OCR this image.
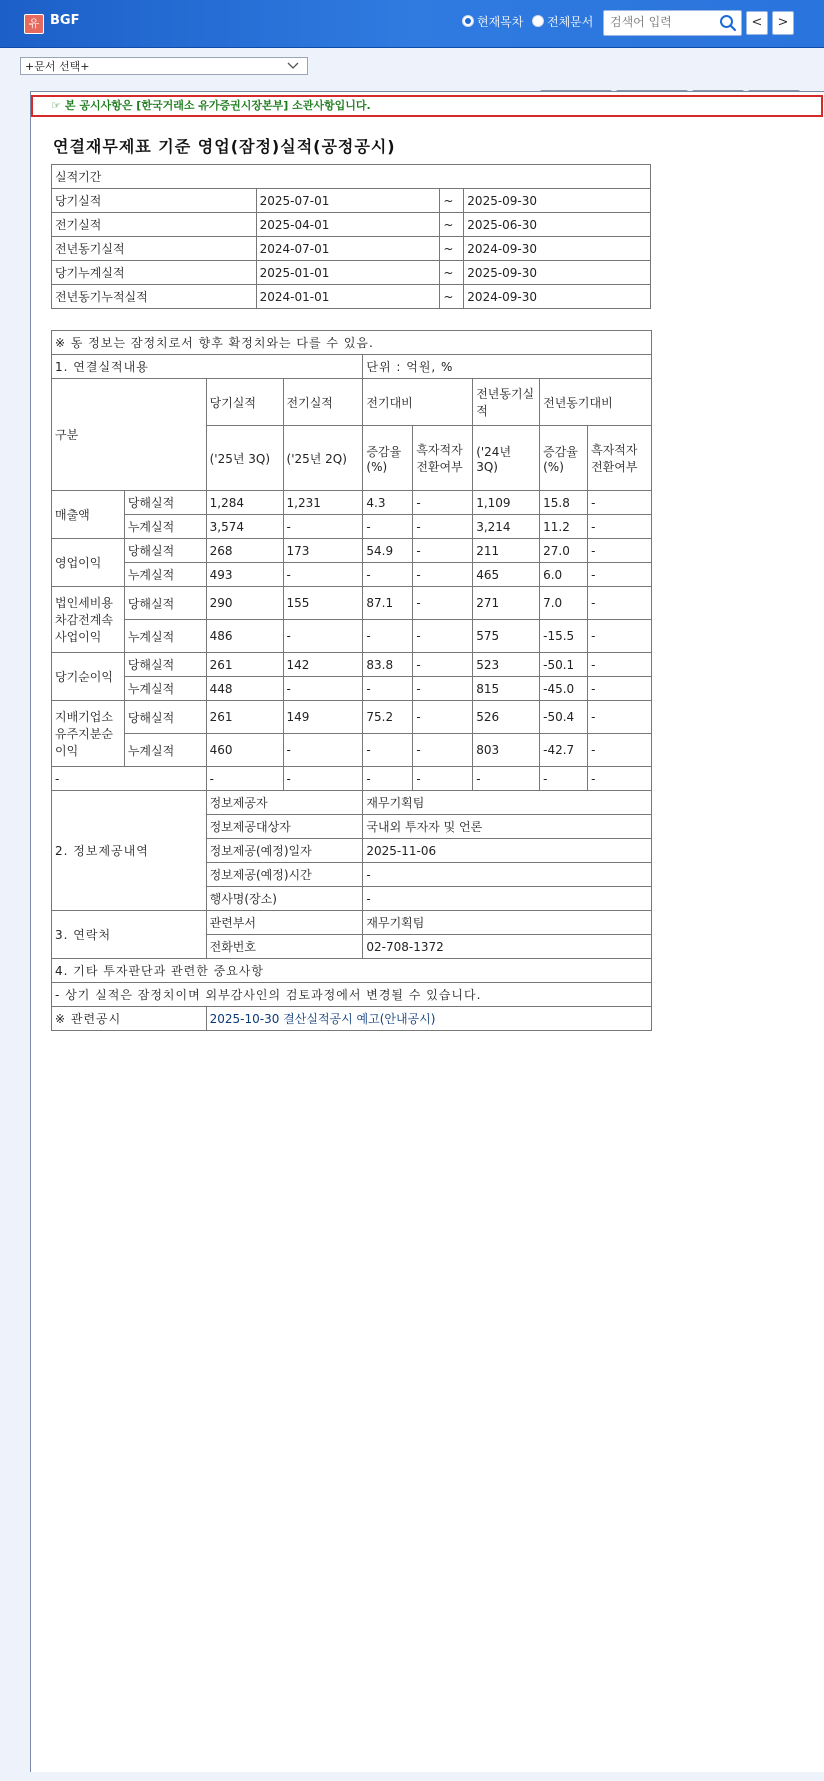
유 BGF	현재목차	전체문서
검색어 입력	<	>
+문서 선택+
☞ 본 공시사항은 [한국거래소 유가증권시장본부] 소관사항입니다.
연결재무제표 기준 영업(잠정)실적(공정공시)
실적기간			
당기실적	2025-07-01	~	2025-09-30
전기실적	2025-04-01	~	2025-06-30
전년동기실적	2024-07-01	~	2024-09-30
당기누계실적	2025-01-01	~	2025-09-30
전년동기누적실적	2024-01-01	~	2024-09-30
※ 동 정보는 잠정치로서 향후 확정치와는 다를 수 있음.								
1. 연결실적내용				단위 : 억원, %				
구분		당기실적	전기실적	전기대비		전년동기실적	전년동기대비	
		('25년 3Q)	('25년 2Q)	증감율(%)	흑자적자전환여부	('24년 3Q)	증감율(%)	흑자적자전환여부
매출액	당해실적	1,284	1,231	4.3	-	1,109	15.8	-
	누계실적	3,574	-	-	-	3,214	11.2	-
영업이익	당해실적	268	173	54.9	-	211	27.0	-
	누계실적	493	-	-	-	465	6.0	-
법인세비용차감전계속사업이익	당해실적	290	155	87.1	-	271	7.0	-
	누계실적	486	-	-	-	575	-15.5	-
당기순이익	당해실적	261	142	83.8	-	523	-50.1	-
	누계실적	448	-	-	-	815	-45.0	-
지배기업소유주지분순이익	당해실적	261	149	75.2	-	526	-50.4	-
	누계실적	460	-	-	-	803	-42.7	-
-		-	-	-	-	-	-	-
2. 정보제공내역		정보제공자		재무기획팀				
		정보제공대상자		국내외 투자자 및 언론				
		정보제공(예정)일자		2025-11-06				
		정보제공(예정)시간		-				
		행사명(장소)		-				
3. 연락처		관련부서		재무기획팀				
		전화번호		02-708-1372				
4. 기타 투자판단과 관련한 중요사항								
- 상기 실적은 잠정치이며 외부감사인의 검토과정에서 변경될 수 있습니다.								
※ 관련공시		2025-10-30 결산실적공시 예고(안내공시)						
